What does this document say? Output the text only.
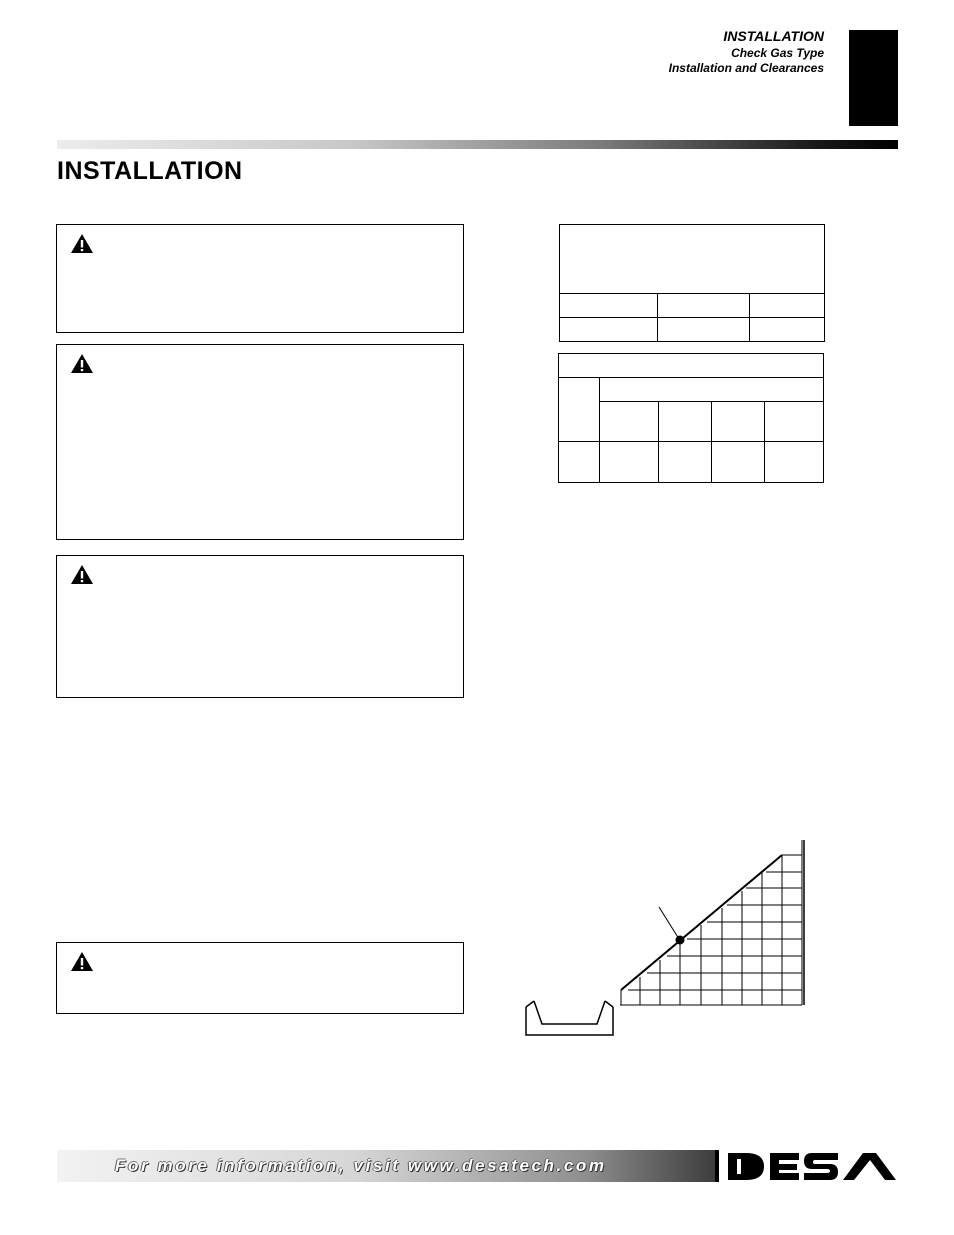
INSTALLATION
Check Gas Type
Installation and Clearances
INSTALLATION

For more information, visit www.desatech.com
